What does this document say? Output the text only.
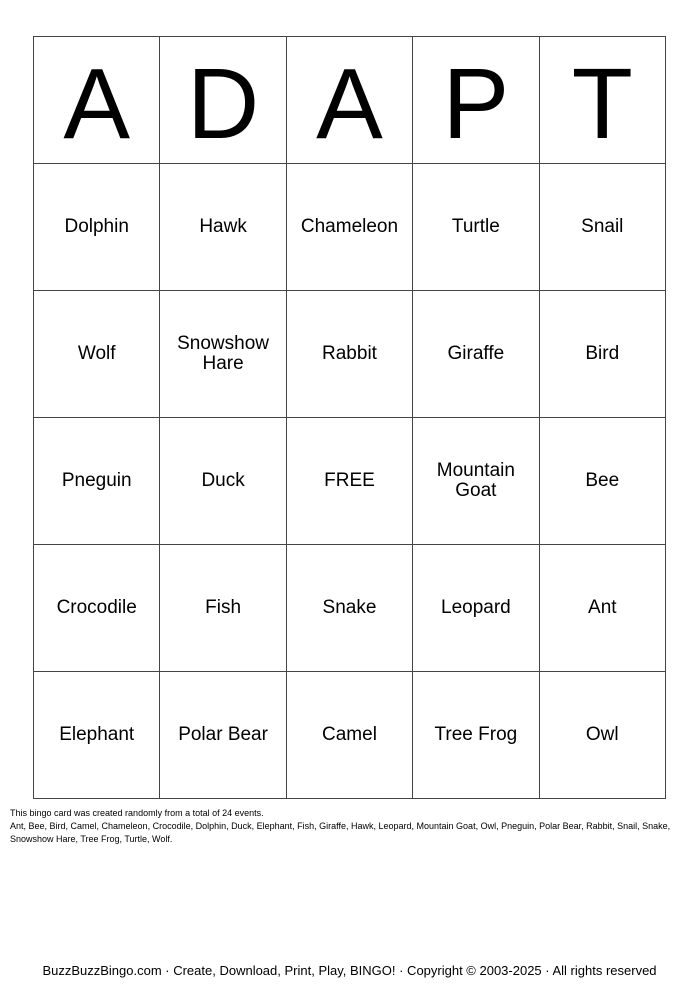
A	D	A	P	T
Dolphin	Hawk	Chameleon	Turtle	Snail
Wolf	Snowshow Hare	Rabbit	Giraffe	Bird
Pneguin	Duck	FREE	Mountain Goat	Bee
Crocodile	Fish	Snake	Leopard	Ant
Elephant	Polar Bear	Camel	Tree Frog	Owl

This bingo card was created randomly from a total of 24 events.

Ant, Bee, Bird, Camel, Chameleon, Crocodile, Dolphin, Duck, Elephant, Fish, Giraffe, Hawk, Leopard, Mountain Goat, Owl, Pneguin, Polar Bear, Rabbit, Snail, Snake, Snowshow Hare, Tree Frog, Turtle, Wolf.

BuzzBuzzBingo.com · Create, Download, Print, Play, BINGO! · Copyright © 2003-2025 · All rights reserved
